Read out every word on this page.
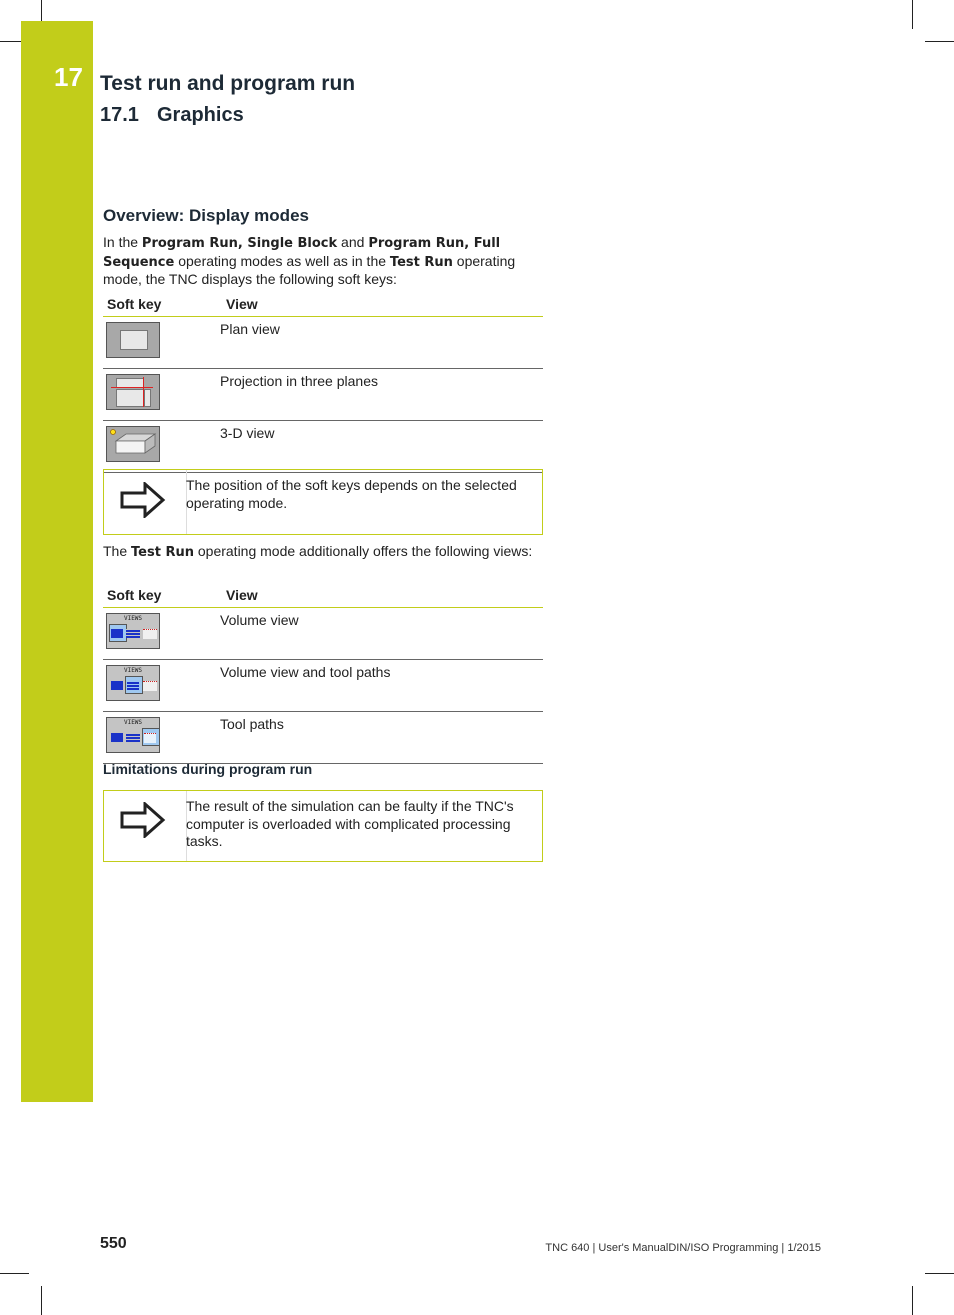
17 Test run and program run
17.1 Graphics
Overview: Display modes

In the Program Run, Single Block and Program Run, Full Sequence operating modes as well as in the Test Run operating mode, the TNC displays the following soft keys:

Soft key	View

	Plan view

	Projection in three planes

	3-D view
The position of the soft keys depends on the selected operating mode.

The Test Run operating mode additionally offers the following views:

Soft key	View

VIEWS	Volume view

VIEWS	Volume view and tool paths

VIEWS	Tool paths
Limitations during program run
The result of the simulation can be faulty if the TNC's computer is overloaded with complicated processing tasks.
550	TNC 640 | User's ManualDIN/ISO Programming | 1/2015
